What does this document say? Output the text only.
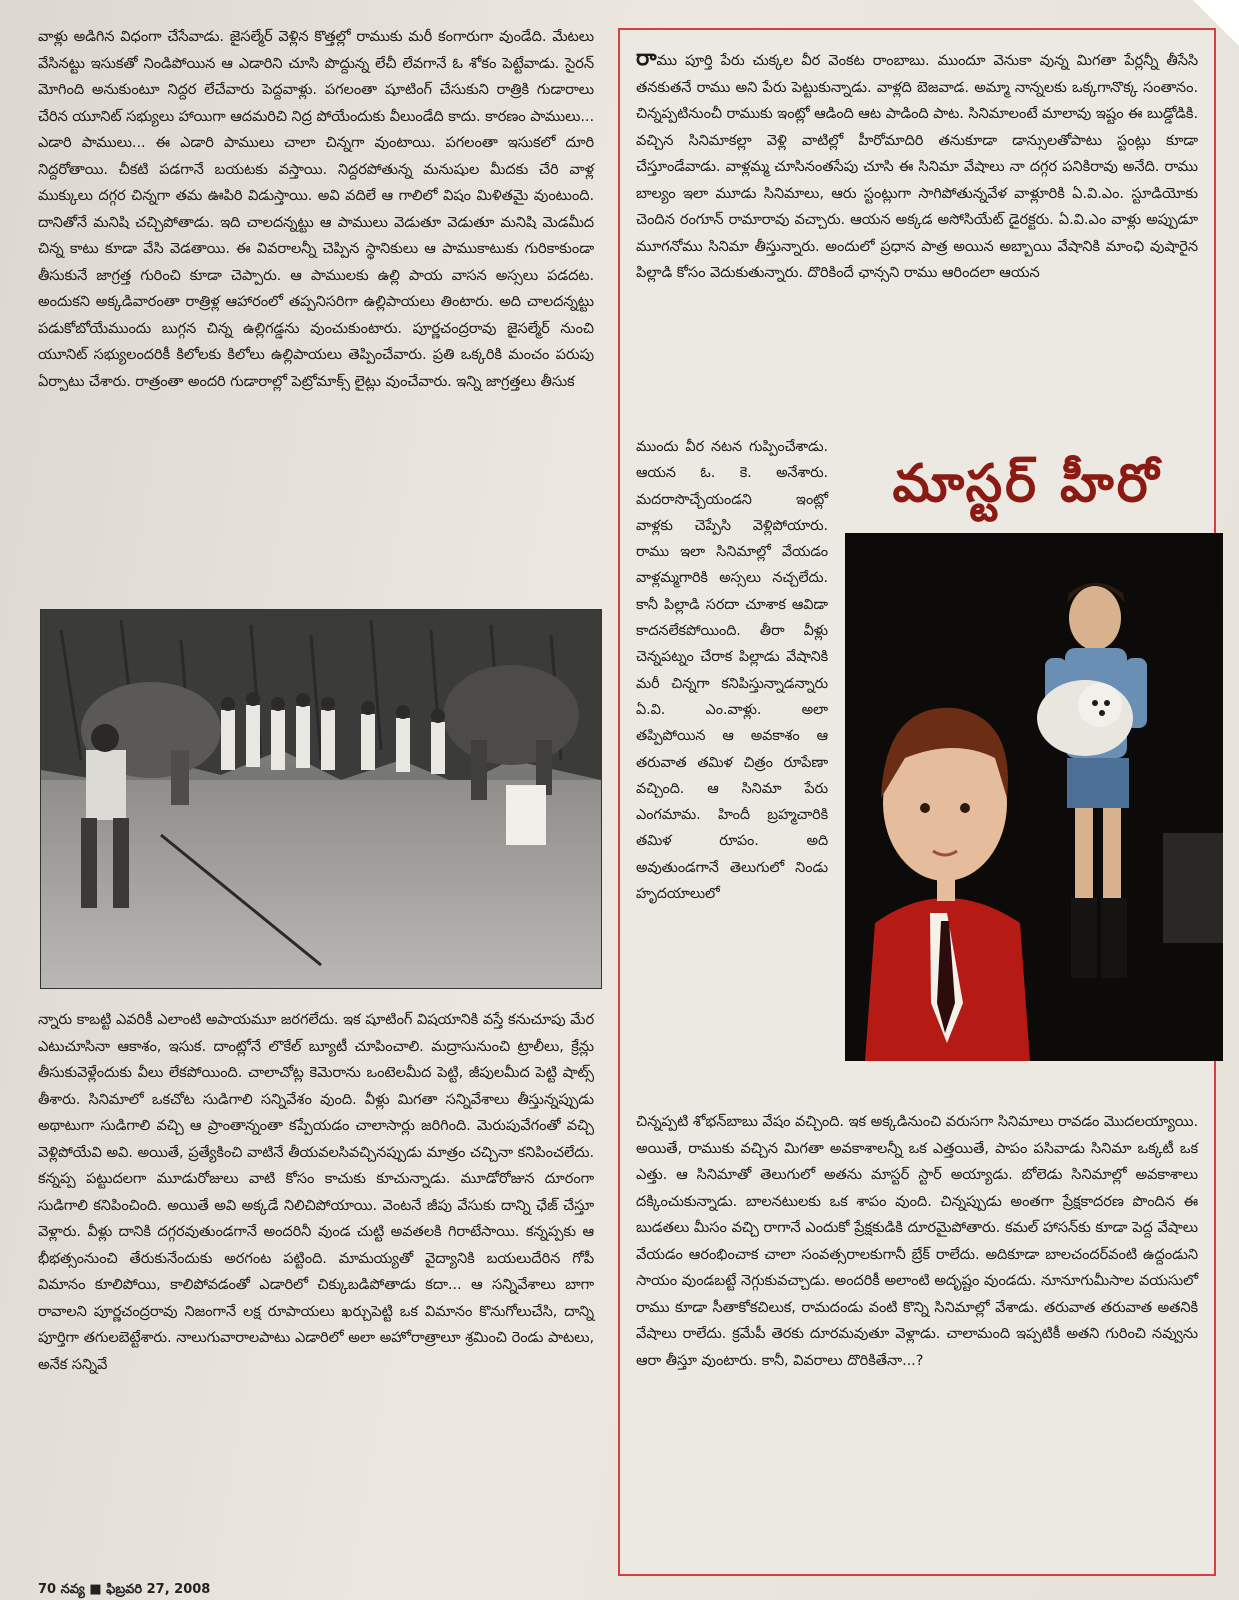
వాళ్లు అడిగిన విధంగా చేసేవాడు. జైసల్మేర్ వెళ్లిన కొత్తల్లో రాముకు మరీ కంగారుగా వుండేది. మేటలు వేసినట్టు ఇసుకతో నిండిపోయిన ఆ ఎడారిని చూసి పొద్దున్న లేచీ లేవగానే ఓ శోకం పెట్టేవాడు. సైరన్ మోగింది అనుకుంటూ నిద్దర లేచేవారు పెద్దవాళ్లు. పగలంతా షూటింగ్ చేసుకుని రాత్రికి గుడారాలు చేరిన యూనిట్ సభ్యులు హాయిగా ఆదమరిచి నిద్ర పోయేందుకు వీలుండేది కాదు. కారణం పాములు... ఎడారి పాములు... ఈ ఎడారి పాములు చాలా చిన్నగా వుంటాయి. పగలంతా ఇసుకలో దూరి నిద్దరోతాయి. చీకటి పడగానే బయటకు వస్తాయి. నిద్దరపోతున్న మనుషుల మీదకు చేరి వాళ్ల ముక్కులు దగ్గర చిన్నగా తమ ఊపిరి విడుస్తాయి. అవి వదిలే ఆ గాలిలో విషం మిళితమై వుంటుంది. దానితోనే మనిషి చచ్చిపోతాడు. ఇది చాలదన్నట్టు ఆ పాములు వెడుతూ వెడుతూ మనిషి మెడమీద చిన్న కాటు కూడా వేసి వెడతాయి. ఈ వివరాలన్నీ చెప్పిన స్థానికులు ఆ పాముకాటుకు గురికాకుండా తీసుకునే జాగ్రత్త గురించి కూడా చెప్పారు. ఆ పాములకు ఉల్లి పాయ వాసన అస్సలు పడదట. అందుకని అక్కడివారంతా రాత్రిళ్ల ఆహారంలో తప్పనిసరిగా ఉల్లిపాయలు తింటారు. అది చాలదన్నట్టు పడుకోబోయేముందు బుగ్గన చిన్న ఉల్లిగడ్డను వుంచుకుంటారు. పూర్ణచంద్రరావు జైసల్మేర్ నుంచి యూనిట్ సభ్యులందరికీ కిలోలకు కిలోలు ఉల్లిపాయలు తెప్పించేవారు. ప్రతి ఒక్కరికి మంచం పరుపు ఏర్పాటు చేశారు. రాత్రంతా అందరి గుడారాల్లో పెట్రోమాక్స్ లైట్లు వుంచేవారు. ఇన్ని జాగ్రత్తలు తీసుక

న్నారు కాబట్టి ఎవరికీ ఎలాంటి అపాయమూ జరగలేదు. ఇక షూటింగ్ విషయానికి వస్తే కనుచూపు మేర ఎటుచూసినా ఆకాశం, ఇసుక. దాంట్లోనే లొకేల్ బ్యూటీ చూపించాలి. మద్రాసునుంచి ట్రాలీలు, క్రేన్లు తీసుకువెళ్లేందుకు వీలు లేకపోయింది. చాలాచోట్ల కెమెరాను ఒంటెలమీద పెట్టి, జీపులమీద పెట్టి షాట్స్ తీశారు. సినిమాలో ఒకచోట సుడిగాలి సన్నివేశం వుంది. వీళ్లు మిగతా సన్నివేశాలు తీస్తున్నప్పుడు అథాటుగా సుడిగాలి వచ్చి ఆ ప్రాంతాన్నంతా కప్పేయడం చాలాసార్లు జరిగింది. మెరుపువేగంతో వచ్చి వెళ్లిపోయేవి అవి. అయితే, ప్రత్యేకించి వాటినే తీయవలసివచ్చినప్పుడు మాత్రం చచ్చినా కనిపించలేదు. కన్నప్ప పట్టుదలగా మూడురోజులు వాటి కోసం కాచుకు కూచున్నాడు. మూడోరోజున దూరంగా సుడిగాలి కనిపించింది. అయితే అవి అక్కడే నిలిచిపోయాయి. వెంటనే జీపు వేసుకు దాన్ని ఛేజ్ చేస్తూ వెళ్లారు. వీళ్లు దానికి దగ్గరవుతుండగానే అందరినీ వుండ చుట్టి అవతలకి గిరాటేసాయి. కన్నప్పకు ఆ భీభత్సంనుంచి తేరుకునేందుకు అరగంట పట్టింది. మామయ్యతో వైద్యానికి బయలుదేరిన గోపీ విమానం కూలిపోయి, కాలిపోవడంతో ఎడారిలో చిక్కుబడిపోతాడు కదా... ఆ సన్నివేశాలు బాగా రావాలని పూర్ణచంద్రరావు నిజంగానే లక్ష రూపాయలు ఖర్చుపెట్టి ఒక విమానం కొనుగోలుచేసి, దాన్ని పూర్తిగా తగులబెట్టేశారు. నాలుగువారాలపాటు ఎడారిలో అలా అహోరాత్రాలూ శ్రమించి రెండు పాటలు, అనేక సన్నివే

రాము పూర్తి పేరు చుక్కల వీర వెంకట రాంబాబు. ముందూ వెనుకా వున్న మిగతా పేర్లన్నీ తీసేసి తనకుతనే రాము అని పేరు పెట్టుకున్నాడు. వాళ్లది బెజవాడ. అమ్మా నాన్నలకు ఒక్కగానొక్క సంతానం. చిన్నప్పటినుంచీ రాముకు ఇంట్లో ఆడింది ఆట పాడింది పాట. సినిమాలంటే మాలావు ఇష్టం ఈ బుడ్డోడికి. వచ్చిన సినిమాకల్లా వెళ్లి వాటిల్లో హీరోమాదిరి తనుకూడా డాన్సులతోపాటు స్టంట్లు కూడా చేస్తూండేవాడు. వాళ్లమ్మ చూసినంతసేపు చూసి ఈ సినిమా వేషాలు నా దగ్గర పనికిరావు అనేది. రాము బాల్యం ఇలా మూడు సినిమాలు, ఆరు స్టంట్లుగా సాగిపోతున్నవేళ వాళ్లూరికి ఏ.వి.ఎం. స్టూడియోకు చెందిన రంగూన్ రామారావు వచ్చారు. ఆయన అక్కడ అసోసియేట్ డైరక్టరు. ఏ.వి.ఎం వాళ్లు అప్పుడూ మూగనోము సినిమా తీస్తున్నారు. అందులో ప్రధాన పాత్ర అయిన అబ్బాయి వేషానికి మాంఛి వుషారైన పిల్లాడి కోసం వెదుకుతున్నారు. దొరికిందే ఛాన్సని రాము ఆరిందలా ఆయన

ముందు వీర నటన గుప్పించేశాడు. ఆయన ఓ. కె. అనేశారు. మదరాసొచ్చేయండని ఇంట్లో వాళ్లకు చెప్పేసి వెళ్లిపోయారు. రాము ఇలా సినిమాల్లో వేయడం వాళ్లమ్మగారికి అస్సలు నచ్చలేదు. కానీ పిల్లాడి సరదా చూశాక ఆవిడా కాదనలేకపోయింది. తీరా వీళ్లు చెన్నపట్నం చేరాక పిల్లాడు వేషానికి మరీ చిన్నగా కనిపిస్తున్నాడన్నారు ఏ.వి. ఎం.వాళ్లు. అలా తప్పిపోయిన ఆ అవకాశం ఆ తరువాత తమిళ చిత్రం రూపేణా వచ్చింది. ఆ సినిమా పేరు ఎంగమామ. హిందీ బ్రహ్మచారికి తమిళ రూపం. అది అవుతుండగానే తెలుగులో నిండు హృదయాలులో

మాస్టర్ హీరో

చిన్నప్పటి శోభన్‌బాబు వేషం వచ్చింది. ఇక అక్కడినుంచి వరుసగా సినిమాలు రావడం మొదలయ్యాయి. అయితే, రాముకు వచ్చిన మిగతా అవకాశాలన్నీ ఒక ఎత్తయితే, పాపం పసివాడు సినిమా ఒక్కటీ ఒక ఎత్తు. ఆ సినిమాతో తెలుగులో అతను మాస్టర్ స్టార్ అయ్యాడు. బోలెడు సినిమాల్లో అవకాశాలు దక్కించుకున్నాడు. బాలనటులకు ఒక శాపం వుంది. చిన్నప్పుడు అంతగా ప్రేక్షకాదరణ పొందిన ఈ బుడతలు మీసం వచ్చి రాగానే ఎందుకో ప్రేక్షకుడికి దూరమైపోతారు. కమల్ హాసన్‌కు కూడా పెద్ద వేషాలు వేయడం ఆరంభించాక చాలా సంవత్సరాలకుగానీ బ్రేక్ రాలేదు. అదికూడా బాలచందర్‌వంటి ఉద్దండుని సాయం వుండబట్టే నెగ్గుకువచ్చాడు. అందరికీ అలాంటి అదృష్టం వుండదు. నూనూగుమీసాల వయసులో రాము కూడా సీతాకోకచిలుక, రామదండు వంటి కొన్ని సినిమాల్లో వేశాడు. తరువాత తరువాత అతనికి వేషాలు రాలేదు. క్రమేపీ తెరకు దూరమవుతూ వెళ్లాడు. చాలామంది ఇప్పటికీ అతని గురించి నవ్వును ఆరా తీస్తూ వుంటారు. కానీ, వివరాలు దొరికితేనా...?

70 నవ్య ■ ఫిబ్రవరి 27, 2008
